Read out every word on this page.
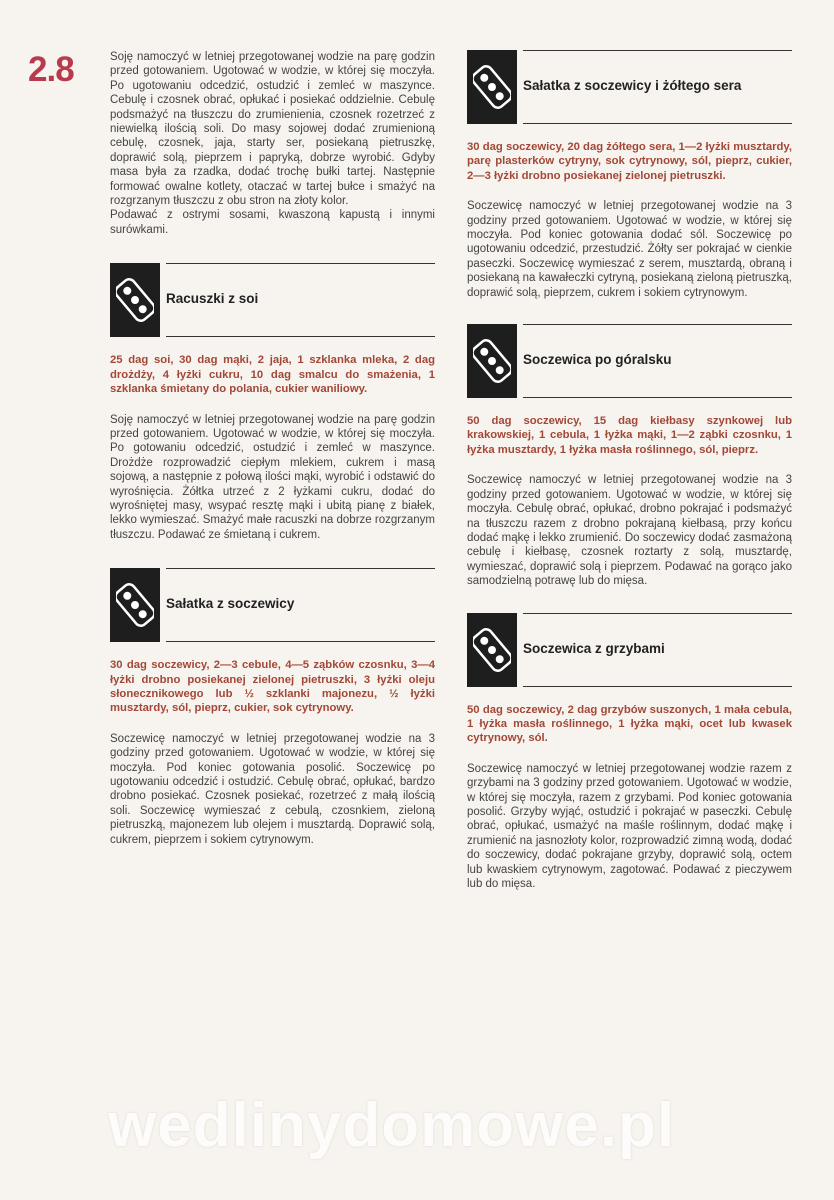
2.8	Soję namoczyć w letniej przegotowanej wodzie na parę godzin przed gotowaniem. Ugotować w wodzie, w której się moczyła. Po ugotowaniu odcedzić, ostudzić i zemleć w maszynce. Cebulę i czosnek obrać, opłukać i posiekać oddzielnie. Cebulę podsmażyć na tłuszczu do zrumienienia, czosnek rozetrzeć z niewielką ilością soli. Do masy sojowej dodać zrumienioną cebulę, czosnek, jaja, starty ser, posiekaną pietruszkę, doprawić solą, pieprzem i papryką, dobrze wyrobić. Gdyby masa była za rzadka, dodać trochę bułki tartej. Następnie formować owalne kotlety, otaczać w tartej bułce i smażyć na rozgrzanym tłuszczu z obu stron na złoty kolor.

Podawać z ostrymi sosami, kwaszoną kapustą i innymi surówkami.

Racuszki z soi

25 dag soi, 30 dag mąki, 2 jaja, 1 szklanka mleka, 2 dag drożdży, 4 łyżki cukru, 10 dag smalcu do smażenia, 1 szklanka śmietany do polania, cukier waniliowy.

Soję namoczyć w letniej przegotowanej wodzie na parę godzin przed gotowaniem. Ugotować w wodzie, w której się moczyła. Po gotowaniu odcedzić, ostudzić i zemleć w maszynce. Drożdże rozprowadzić ciepłym mlekiem, cukrem i masą sojową, a następnie z połową ilości mąki, wyrobić i odstawić do wyrośnięcia. Żółtka utrzeć z 2 łyżkami cukru, dodać do wyrośniętej masy, wsypać resztę mąki i ubitą pianę z białek, lekko wymieszać. Smażyć małe racuszki na dobrze rozgrzanym tłuszczu. Podawać ze śmietaną i cukrem.

Sałatka z soczewicy

30 dag soczewicy, 2—3 cebule, 4—5 ząbków czosnku, 3—4 łyżki drobno posiekanej zielonej pietruszki, 3 łyżki oleju słonecznikowego lub ½ szklanki majonezu, ½ łyżki musztardy, sól, pieprz, cukier, sok cytrynowy.

Soczewicę namoczyć w letniej przegotowanej wodzie na 3 godziny przed gotowaniem. Ugotować w wodzie, w której się moczyła. Pod koniec gotowania posolić. Soczewicę po ugotowaniu odcedzić i ostudzić. Cebulę obrać, opłukać, bardzo drobno posiekać. Czosnek posiekać, rozetrzeć z małą ilością soli. Soczewicę wymieszać z cebulą, czosnkiem, zieloną pietruszką, majonezem lub olejem i musztardą. Doprawić solą, cukrem, pieprzem i sokiem cytrynowym.

Sałatka z soczewicy i żółtego sera

30 dag soczewicy, 20 dag żółtego sera, 1—2 łyżki musztardy, parę plasterków cytryny, sok cytrynowy, sól, pieprz, cukier, 2—3 łyżki drobno posiekanej zielonej pietruszki.

Soczewicę namoczyć w letniej przegotowanej wodzie na 3 godziny przed gotowaniem. Ugotować w wodzie, w której się moczyła. Pod koniec gotowania dodać sól. Soczewicę po ugotowaniu odcedzić, przestudzić. Żółty ser pokrajać w cienkie paseczki. Soczewicę wymieszać z serem, musztardą, obraną i posiekaną na kawałeczki cytryną, posiekaną zieloną pietruszką, doprawić solą, pieprzem, cukrem i sokiem cytrynowym.

Soczewica po góralsku

50 dag soczewicy, 15 dag kiełbasy szynkowej lub krakowskiej, 1 cebula, 1 łyżka mąki, 1—2 ząbki czosnku, 1 łyżka musztardy, 1 łyżka masła roślinnego, sól, pieprz.

Soczewicę namoczyć w letniej przegotowanej wodzie na 3 godziny przed gotowaniem. Ugotować w wodzie, w której się moczyła. Cebulę obrać, opłukać, drobno pokrajać i podsmażyć na tłuszczu razem z drobno pokrajaną kiełbasą, przy końcu dodać mąkę i lekko zrumienić. Do soczewicy dodać zasmażoną cebulę i kiełbasę, czosnek roztarty z solą, musztardę, wymieszać, doprawić solą i pieprzem. Podawać na gorąco jako samodzielną potrawę lub do mięsa.

Soczewica z grzybami

50 dag soczewicy, 2 dag grzybów suszonych, 1 mała cebula, 1 łyżka masła roślinnego, 1 łyżka mąki, ocet lub kwasek cytrynowy, sól.

Soczewicę namoczyć w letniej przegotowanej wodzie razem z grzybami na 3 godziny przed gotowaniem. Ugotować w wodzie, w której się moczyła, razem z grzybami. Pod koniec gotowania posolić. Grzyby wyjąć, ostudzić i pokrajać w paseczki. Cebulę obrać, opłukać, usmażyć na maśle roślinnym, dodać mąkę i zrumienić na jasnozłoty kolor, rozprowadzić zimną wodą, dodać do soczewicy, dodać pokrajane grzyby, doprawić solą, octem lub kwaskiem cytrynowym, zagotować. Podawać z pieczywem lub do mięsa.

wedlinydomowe.pl
